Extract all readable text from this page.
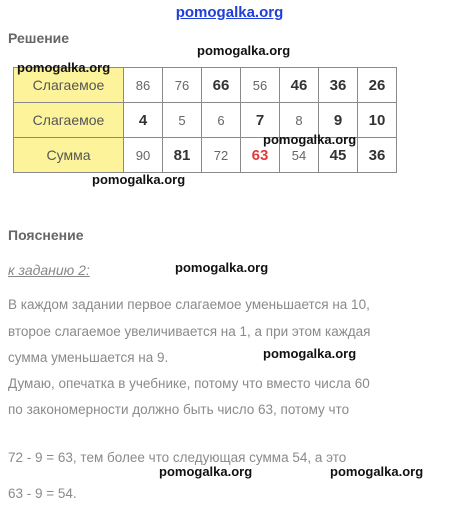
pomogalka.org
Решение
Слагаемое	86	76	66	56	46	36	26
Слагаемое	4	5	6	7	8	9	10
Сумма	90	81	72	63	54	45	36
Пояснение
к заданию 2:
В каждом задании первое слагаемое уменьшается на 10,
второе слагаемое увеличивается на 1, а при этом каждая
сумма уменьшается на 9.
Думаю, опечатка в учебнике, потому что вместо числа 60
по закономерности должно быть число 63, потому что
72 - 9 = 63, тем более что следующая сумма 54, а это
63 - 9 = 54.
pomogalka.org
pomogalka.org
pomogalka.org
pomogalka.org
pomogalka.org
pomogalka.org
pomogalka.org	pomogalka.org
